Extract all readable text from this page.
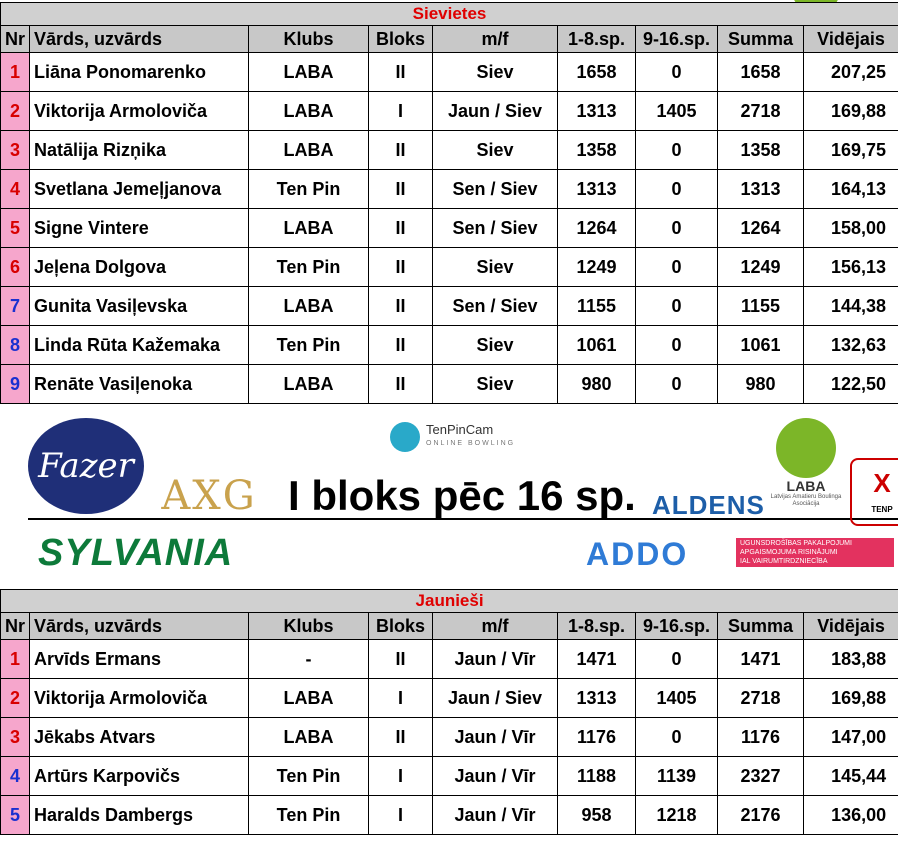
Sievietes								
Nr	Vārds, uzvārds	Klubs	Bloks	m/f	1-8.sp.	9-16.sp.	Summa	Vidējais
1	Liāna Ponomarenko	LABA	II	Siev	1658	0	1658	207,25
2	Viktorija Armoloviča	LABA	I	Jaun / Siev	1313	1405	2718	169,88
3	Natālija Rizņika	LABA	II	Siev	1358	0	1358	169,75
4	Svetlana Jemeļjanova	Ten Pin	II	Sen / Siev	1313	0	1313	164,13
5	Signe Vintere	LABA	II	Sen / Siev	1264	0	1264	158,00
6	Jeļena Dolgova	Ten Pin	II	Siev	1249	0	1249	156,13
7	Gunita Vasiļevska	LABA	II	Sen / Siev	1155	0	1155	144,38
8	Linda Rūta Kažemaka	Ten Pin	II	Siev	1061	0	1061	132,63
9	Renāte Vasiļenoka	LABA	II	Siev	980	0	980	122,50
Fazer
AXG
TenPinCam
ONLINE BOWLING
I bloks pēc 16 sp. ALDENS
LABA
Latvijas Amatieru Boulinga Asociācija
X
TENP
SYLVANIA	ADDO	UGUNSDROŠĪBAS PAKALPOJUMI
APGAISMOJUMA RISINĀJUMI
IAL VAIRUMTIRDZNIECĪBA
Jaunieši								
Nr	Vārds, uzvārds	Klubs	Bloks	m/f	1-8.sp.	9-16.sp.	Summa	Vidējais
1	Arvīds Ermans	-	II	Jaun / Vīr	1471	0	1471	183,88
2	Viktorija Armoloviča	LABA	I	Jaun / Siev	1313	1405	2718	169,88
3	Jēkabs Atvars	LABA	II	Jaun / Vīr	1176	0	1176	147,00
4	Artūrs Karpovičs	Ten Pin	I	Jaun / Vīr	1188	1139	2327	145,44
5	Haralds Dambergs	Ten Pin	I	Jaun / Vīr	958	1218	2176	136,00
